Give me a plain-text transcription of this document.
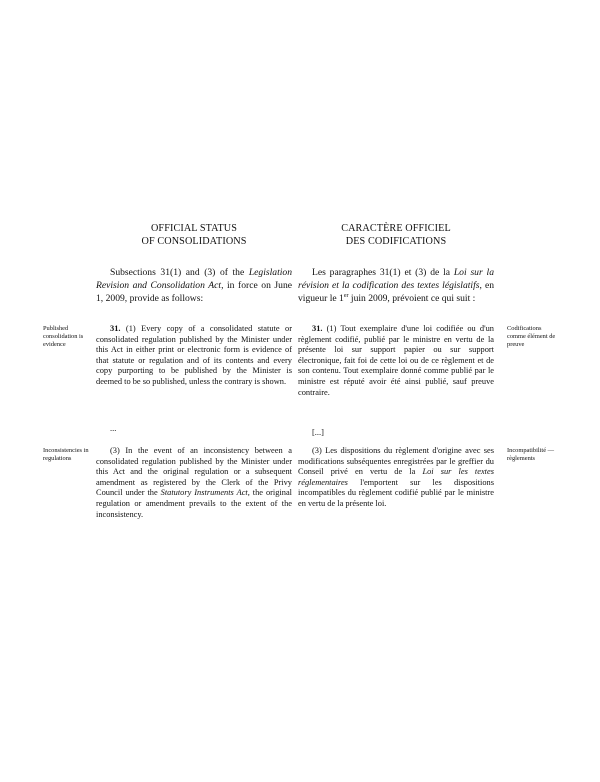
OFFICIAL STATUS
OF CONSOLIDATIONS
CARACTÈRE OFFICIEL
DES CODIFICATIONS
Subsections 31(1) and (3) of the Legislation Revision and Consolidation Act, in force on June 1, 2009, provide as follows:
Les paragraphes 31(1) et (3) de la Loi sur la révision et la codification des textes législatifs, en vigueur le 1er juin 2009, prévoient ce qui suit :
Published consolidation is evidence
Inconsistencies in regulations
Codifications comme élément de preuve
Incompatibilité — règlements
31. (1) Every copy of a consolidated statute or consolidated regulation published by the Minister under this Act in either print or electronic form is evidence of that statute or regulation and of its contents and every copy purporting to be published by the Minister is deemed to be so published, unless the contrary is shown.
...
(3) In the event of an inconsistency between a consolidated regulation published by the Minister under this Act and the original regulation or a subsequent amendment as registered by the Clerk of the Privy Council under the Statutory Instruments Act, the original regulation or amendment prevails to the extent of the inconsistency.
31. (1) Tout exemplaire d'une loi codifiée ou d'un règlement codifié, publié par le ministre en vertu de la présente loi sur support papier ou sur support électronique, fait foi de cette loi ou de ce règlement et de son contenu. Tout exemplaire donné comme publié par le ministre est réputé avoir été ainsi publié, sauf preuve contraire.
[...]
(3) Les dispositions du règlement d'origine avec ses modifications subséquentes enregistrées par le greffier du Conseil privé en vertu de la Loi sur les textes réglementaires l'emportent sur les dispositions incompatibles du règlement codifié publié par le ministre en vertu de la présente loi.
